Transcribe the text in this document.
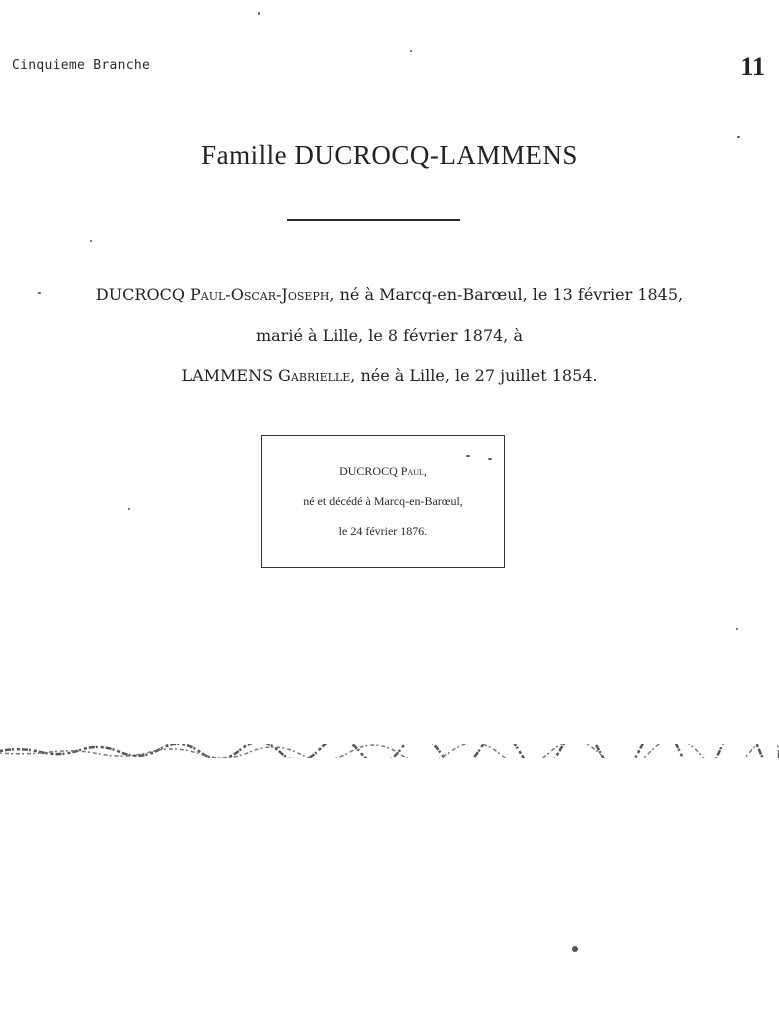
Cinquieme Branche	11
Famille DUCROCQ-LAMMENS
DUCROCQ Paul-Oscar-Joseph, né à Marcq-en-Barœul, le 13 février 1845,
marié à Lille, le 8 février 1874, à
LAMMENS Gabrielle, née à Lille, le 27 juillet 1854.
DUCROCQ Paul,
né et décédé à Marcq-en-Barœul,
le 24 février 1876.
